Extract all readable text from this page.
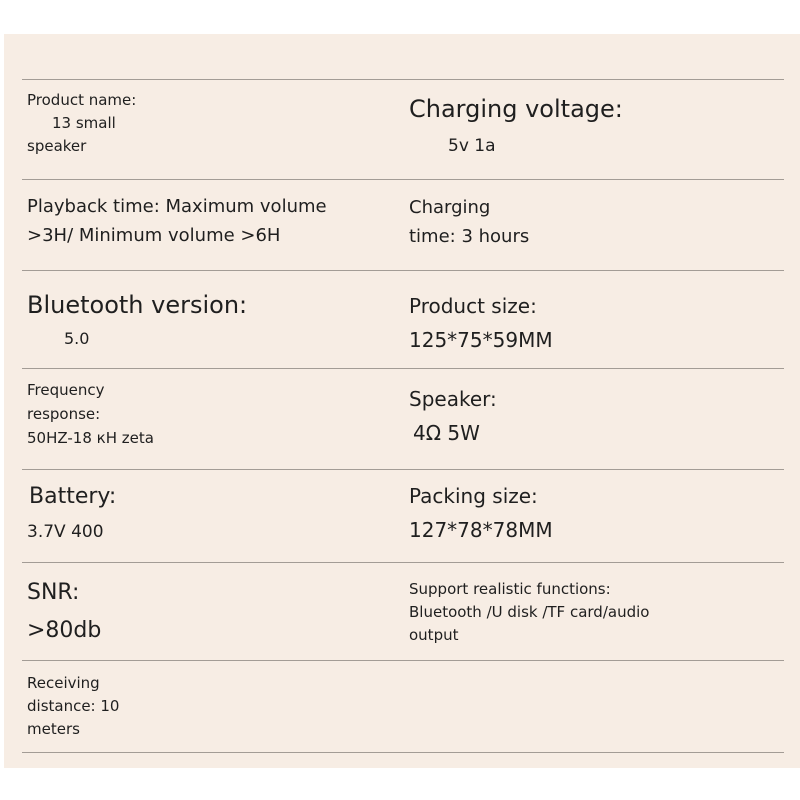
Product name:
13 small
speaker
Charging voltage:
5v 1a
Playback time: Maximum volume
>3H/ Minimum volume >6H
Charging
time: 3 hours
Bluetooth version:
5.0
Product size:
125*75*59MM
Frequency
response:
50HZ-18 кН zeta
Speaker:
4Ω 5W
Battery:
3.7V 400
Packing size:
127*78*78MM
SNR:
>80db
Support realistic functions:
Bluetooth /U disk /TF card/audio
output
Receiving
distance: 10
meters
